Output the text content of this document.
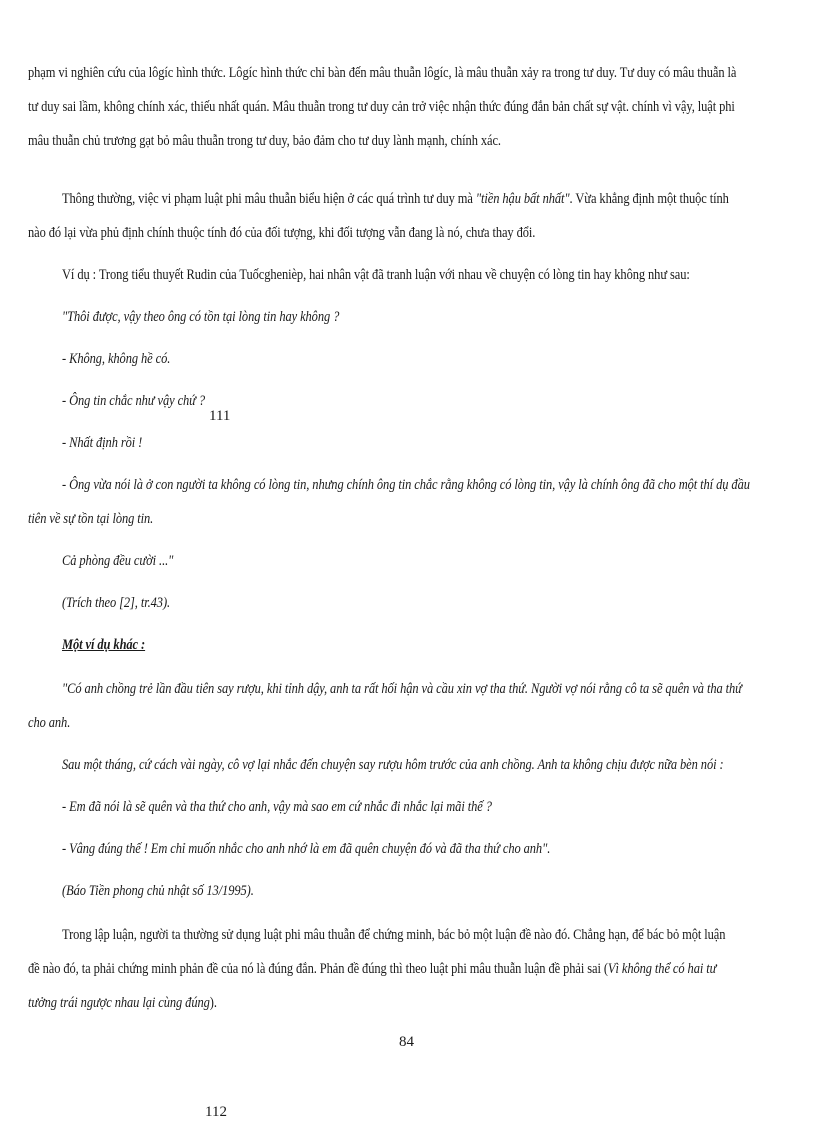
phạm vi nghiên cứu của lôgíc hình thức. Lôgíc hình thức chỉ bàn đến mâu thuẫn lôgíc, là mâu thuẫn xảy ra trong tư duy. Tư duy có mâu thuẫn là
tư duy sai lầm, không chính xác, thiếu nhất quán. Mâu thuẫn trong tư duy cản trở việc nhận thức đúng đắn bản chất sự vật. chính vì vậy, luật phi
mâu thuẫn chủ trương gạt bỏ mâu thuẫn trong tư duy, bảo đảm cho tư duy lành mạnh, chính xác.
Thông thường, việc vi phạm luật phi mâu thuẫn biểu hiện ở các quá trình tư duy mà "tiền hậu bất nhất". Vừa khẳng định một thuộc tính
nào đó lại vừa phủ định chính thuộc tính đó của đối tượng, khi đối tượng vẫn đang là nó, chưa thay đổi.
Ví dụ : Trong tiểu thuyết Rudin của Tuốcghenièp, hai nhân vật đã tranh luận với nhau về chuyện có lòng tin hay không như sau:
"Thôi được, vậy theo ông có tồn tại lòng tin hay không ?
- Không, không hề có.
- Ông tin chắc như vậy chứ ?
111
- Nhất định rồi !
- Ông vừa nói là ở con người ta không có lòng tin, nhưng chính ông tin chắc rằng không có lòng tin, vậy là chính ông đã cho một thí dụ đầu
tiên về sự tồn tại lòng tin.
Cả phòng đều cười ..."
(Trích theo [2], tr.43).
Một ví dụ khác :
"Có anh chồng trẻ lần đầu tiên say rượu, khi tỉnh dậy, anh ta rất hối hận và cầu xin vợ tha thứ. Người vợ nói rằng cô ta sẽ quên và tha thứ
cho anh.
Sau một tháng, cứ cách vài ngày, cô vợ lại nhắc đến chuyện say rượu hôm trước của anh chồng. Anh ta không chịu được nữa bèn nói :
- Em đã nói là sẽ quên và tha thứ cho anh, vậy mà sao em cứ nhắc đi nhắc lại mãi thế ?
- Vâng đúng thế ! Em chỉ muốn nhắc cho anh nhớ là em đã quên chuyện đó và đã tha thứ cho anh".
(Báo Tiền phong chủ nhật số 13/1995).
Trong lập luận, người ta thường sử dụng luật phi mâu thuẫn để chứng minh, bác bỏ một luận đề nào đó. Chẳng hạn, để bác bỏ một luận
đề nào đó, ta phải chứng minh phản đề của nó là đúng đắn. Phản đề đúng thì theo luật phi mâu thuẫn luận đề phải sai (Vì không thể có hai tư
tưởng trái ngược nhau lại cùng đúng).
84
112
